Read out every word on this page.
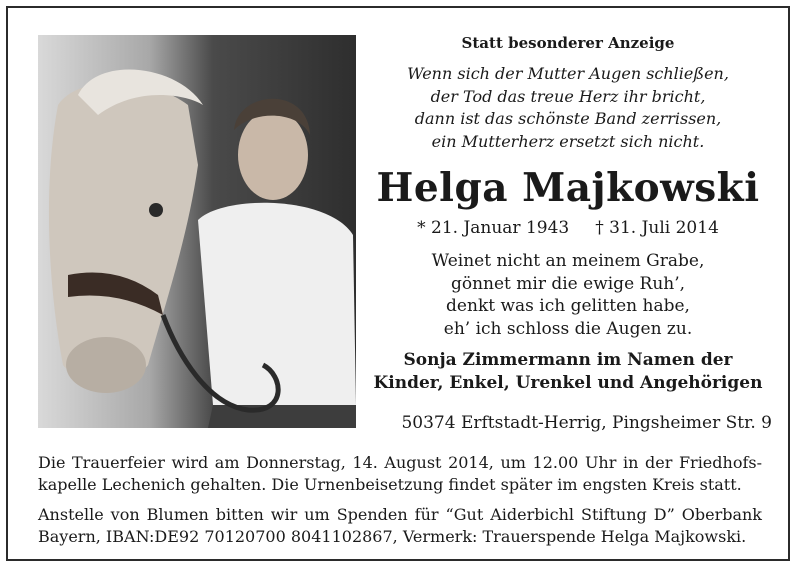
Statt besonderer Anzeige
Wenn sich der Mutter Augen schließen,
der Tod das treue Herz ihr bricht,
dann ist das schönste Band zerrissen,
ein Mutterherz ersetzt sich nicht.
Helga Majkowski
* 21. Januar 1943 † 31. Juli 2014
Weinet nicht an meinem Grabe,
gönnet mir die ewige Ruh’,
denkt was ich gelitten habe,
eh’ ich schloss die Augen zu.
Sonja Zimmermann im Namen der
Kinder, Enkel, Urenkel und Angehörigen
50374 Erftstadt-Herrig, Pingsheimer Str. 9
Die Trauerfeier wird am Donnerstag, 14. August 2014, um 12.00 Uhr in der Friedhofs-kapelle Lechenich gehalten. Die Urnenbeisetzung findet später im engsten Kreis statt.
Anstelle von Blumen bitten wir um Spenden für “Gut Aiderbichl Stiftung D” Oberbank Bayern, IBAN:DE92 70120700 8041102867, Vermerk: Trauerspende Helga Majkowski.
